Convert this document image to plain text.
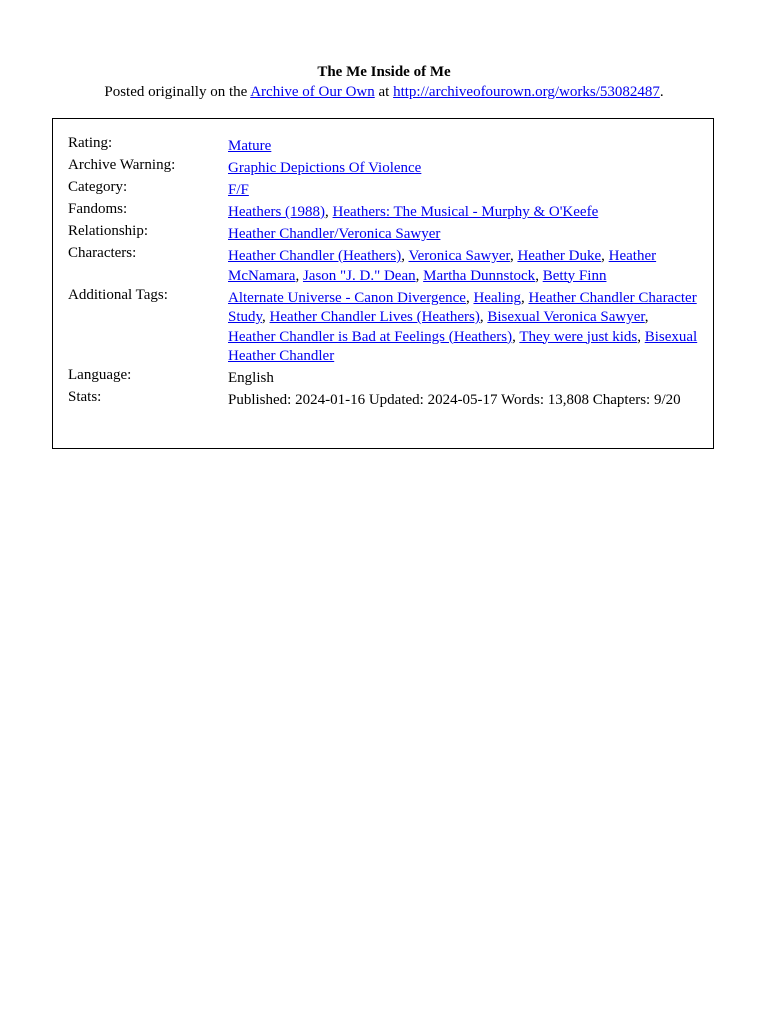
The Me Inside of Me
Posted originally on the Archive of Our Own at http://archiveofourown.org/works/53082487.
Rating:	Mature
Archive Warning:	Graphic Depictions Of Violence
Category:	F/F
Fandoms:	Heathers (1988), Heathers: The Musical - Murphy & O'Keefe
Relationship:	Heather Chandler/Veronica Sawyer
Characters:	Heather Chandler (Heathers), Veronica Sawyer, Heather Duke, Heather McNamara, Jason "J. D." Dean, Martha Dunnstock, Betty Finn
Additional Tags:	Alternate Universe - Canon Divergence, Healing, Heather Chandler Character Study, Heather Chandler Lives (Heathers), Bisexual Veronica Sawyer, Heather Chandler is Bad at Feelings (Heathers), They were just kids, Bisexual Heather Chandler
Language:	English
Stats:	Published: 2024-01-16 Updated: 2024-05-17 Words: 13,808 Chapters: 9/20
